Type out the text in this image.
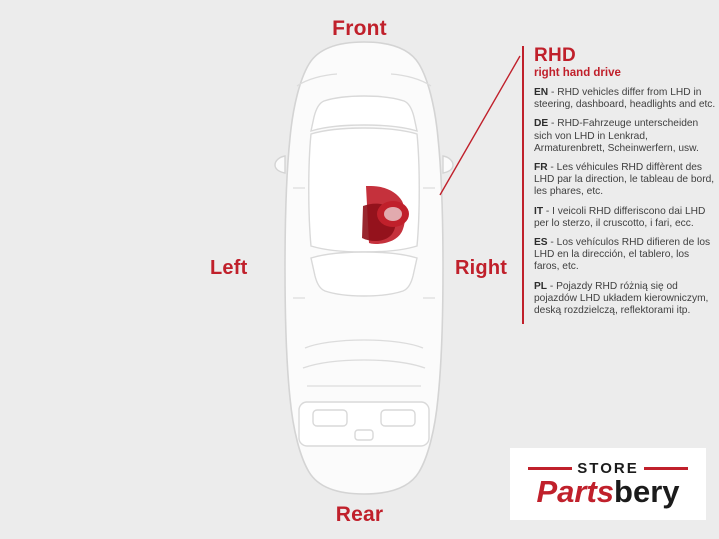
Front
Rear
Left	Right
RHD
right hand drive

EN - RHD vehicles differ from LHD in steering, dashboard, headlights and etc.

DE - RHD-Fahrzeuge unterscheiden sich von LHD in Lenkrad, Armaturenbrett, Scheinwerfern, usw.

FR - Les véhicules RHD diffèrent des LHD par la direction, le tableau de bord, les phares, etc.

IT - I veicoli RHD differiscono dai LHD per lo sterzo, il cruscotto, i fari, ecc.

ES - Los vehículos RHD difieren de los LHD en la dirección, el tablero, los faros, etc.

PL - Pojazdy RHD różnią się od pojazdów LHD układem kierowniczym, deską rozdzielczą, reflektorami itp.

STORE
Partsbery
